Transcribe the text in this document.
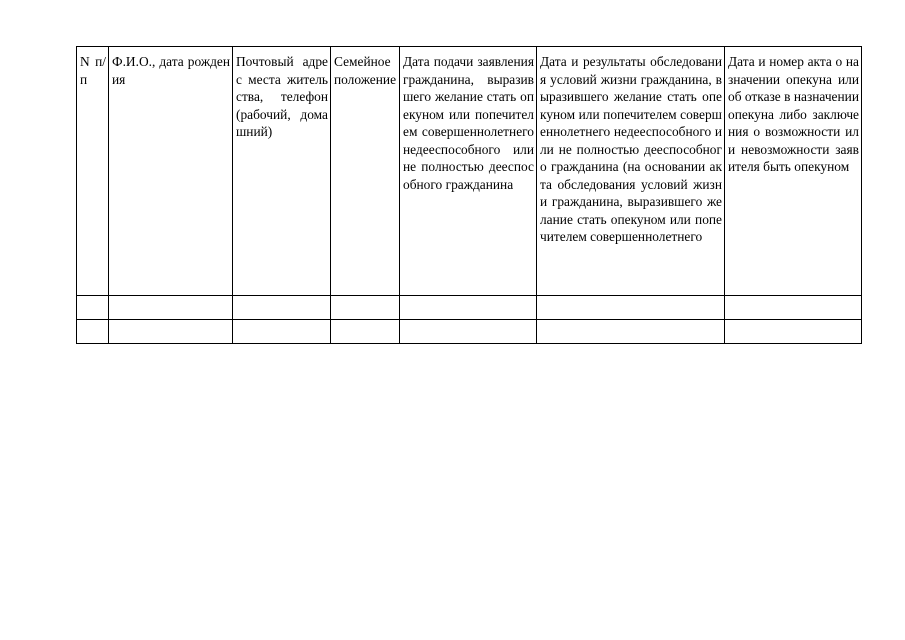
N п/п	Ф.И.О., дата рождения	Почтовый адрес места жительства, телефон (рабочий, домашний)	Семейное положение	Дата подачи заявления гражданина, выразившего желание стать опекуном или попечителем совершеннолетнего недееспособного или не полностью дееспособного гражданина	Дата и результаты обследования условий жизни гражданина, выразившего желание стать опекуном или попечителем совершеннолетнего недееспособного или не полностью дееспособного гражданина (на основании акта обследования условий жизни гражданина, выразившего желание стать опекуном или попечителем совершеннолетнего	Дата и номер акта о назначении опекуна или об отказе в назначении опекуна либо заключения о возможности или невозможности заявителя быть опекуном
